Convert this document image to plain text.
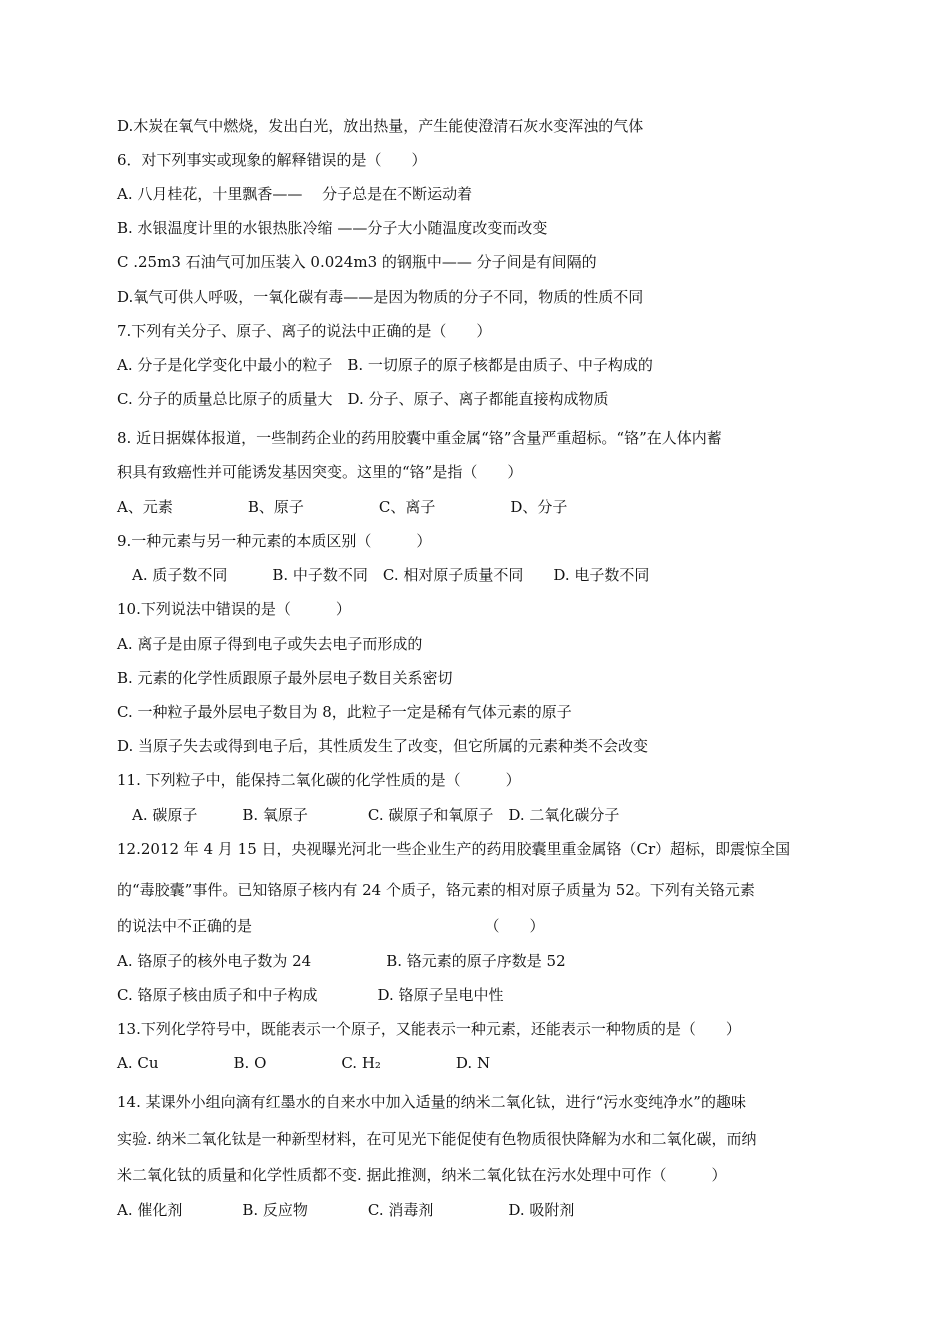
D.木炭在氧气中燃烧，发出白光，放出热量，产生能使澄清石灰水变浑浊的气体
6．对下列事实或现象的解释错误的是（　　）
A. 八月桂花，十里飘香——　 分子总是在不断运动着
B. 水银温度计里的水银热胀冷缩 ——分子大小随温度改变而改变
C .25m3 石油气可加压装入 0.024m3 的钢瓶中—— 分子间是有间隔的
D.氧气可供人呼吸，一氧化碳有毒——是因为物质的分子不同，物质的性质不同
7.下列有关分子、原子、离子的说法中正确的是（　　）
A. 分子是化学变化中最小的粒子　B. 一切原子的原子核都是由质子、中子构成的
C. 分子的质量总比原子的质量大　D. 分子、原子、离子都能直接构成物质
8. 近日据媒体报道，一些制药企业的药用胶囊中重金属“铬”含量严重超标。“铬”在人体内蓄
积具有致癌性并可能诱发基因突变。这里的“铬”是指（　　）
A、元素　　　　　B、原子　　　　　C、离子　　　　　D、分子
9.一种元素与另一种元素的本质区别（　　　）
　A. 质子数不同　　　B. 中子数不同　C. 相对原子质量不同　　D. 电子数不同
10.下列说法中错误的是（　　　）
A. 离子是由原子得到电子或失去电子而形成的
B. 元素的化学性质跟原子最外层电子数目关系密切
C. 一种粒子最外层电子数目为 8，此粒子一定是稀有气体元素的原子
D. 当原子失去或得到电子后，其性质发生了改变，但它所属的元素种类不会改变
11. 下列粒子中，能保持二氧化碳的化学性质的是（　　　）
　A. 碳原子　　　B. 氧原子　　　　C. 碳原子和氧原子　D. 二氧化碳分子
12.2012 年 4 月 15 日，央视曝光河北一些企业生产的药用胶囊里重金属铬（Cr）超标，即震惊全国
的“毒胶囊”事件。已知铬原子核内有 24 个质子，铬元素的相对原子质量为 52。下列有关铬元素
的说法中不正确的是　　　　　　　　　　　　　　　　（　　）
A. 铬原子的核外电子数为 24　　　　　B. 铬元素的原子序数是 52
C. 铬原子核由质子和中子构成　　　　D. 铬原子呈电中性
13.下列化学符号中，既能表示一个原子，又能表示一种元素，还能表示一种物质的是（　　）
A. Cu　　　　　B. O　　　　　C. H₂　　　　　D. N
14. 某课外小组向滴有红墨水的自来水中加入适量的纳米二氧化钛，进行“污水变纯净水”的趣味
实验. 纳米二氧化钛是一种新型材料，在可见光下能促使有色物质很快降解为水和二氧化碳，而纳
米二氧化钛的质量和化学性质都不变. 据此推测，纳米二氧化钛在污水处理中可作（　　　）
A. 催化剂　　　　B. 反应物　　　　C. 消毒剂　　　　　D. 吸附剂
